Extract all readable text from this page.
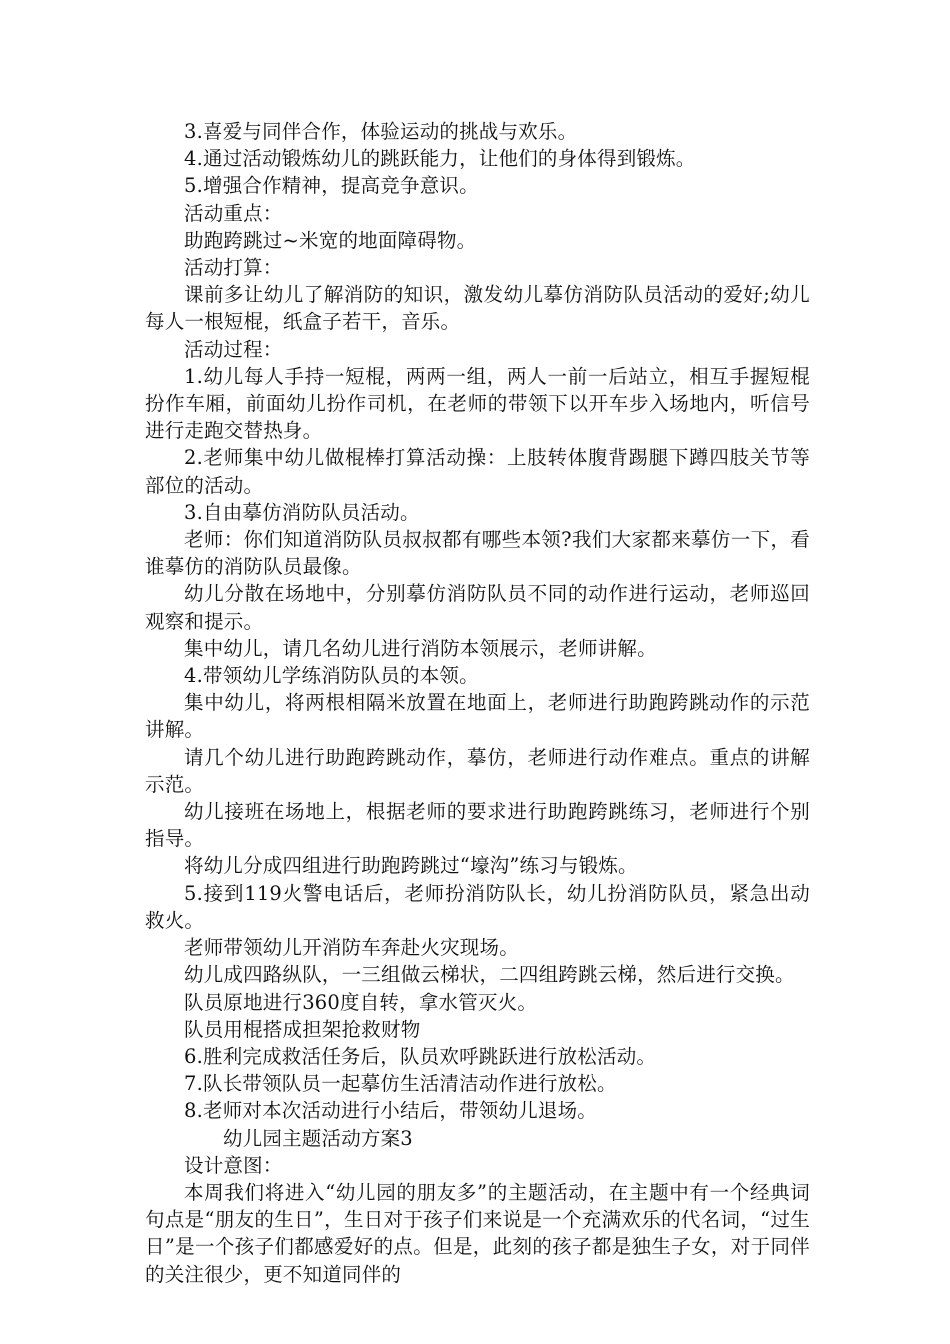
3.喜爱与同伴合作，体验运动的挑战与欢乐。

4.通过活动锻炼幼儿的跳跃能力，让他们的身体得到锻炼。

5.增强合作精神，提高竞争意识。

活动重点：

助跑跨跳过~米宽的地面障碍物。

活动打算：

课前多让幼儿了解消防的知识，激发幼儿摹仿消防队员活动的爱好;幼儿每人一根短棍，纸盒子若干，音乐。

活动过程：

1.幼儿每人手持一短棍，两两一组，两人一前一后站立，相互手握短棍扮作车厢，前面幼儿扮作司机，在老师的带领下以开车步入场地内，听信号进行走跑交替热身。

2.老师集中幼儿做棍棒打算活动操：上肢转体腹背踢腿下蹲四肢关节等部位的活动。

3.自由摹仿消防队员活动。

老师：你们知道消防队员叔叔都有哪些本领?我们大家都来摹仿一下，看谁摹仿的消防队员最像。

幼儿分散在场地中，分别摹仿消防队员不同的动作进行运动，老师巡回观察和提示。

集中幼儿，请几名幼儿进行消防本领展示，老师讲解。

4.带领幼儿学练消防队员的本领。

集中幼儿，将两根相隔米放置在地面上，老师进行助跑跨跳动作的示范讲解。

请几个幼儿进行助跑跨跳动作，摹仿，老师进行动作难点。重点的讲解示范。

幼儿接班在场地上，根据老师的要求进行助跑跨跳练习，老师进行个别指导。

将幼儿分成四组进行助跑跨跳过“壕沟”练习与锻炼。

5.接到119火警电话后，老师扮消防队长，幼儿扮消防队员，紧急出动救火。

老师带领幼儿开消防车奔赴火灾现场。

幼儿成四路纵队，一三组做云梯状，二四组跨跳云梯，然后进行交换。

队员原地进行360度自转，拿水管灭火。

队员用棍搭成担架抢救财物

6.胜利完成救活任务后，队员欢呼跳跃进行放松活动。

7.队长带领队员一起摹仿生活清洁动作进行放松。

8.老师对本次活动进行小结后，带领幼儿退场。

幼儿园主题活动方案3

设计意图：

本周我们将进入“幼儿园的朋友多”的主题活动，在主题中有一个经典词句点是“朋友的生日”，生日对于孩子们来说是一个充满欢乐的代名词，“过生日”是一个孩子们都感爱好的点。但是，此刻的孩子都是独生子女，对于同伴的关注很少，更不知道同伴的
